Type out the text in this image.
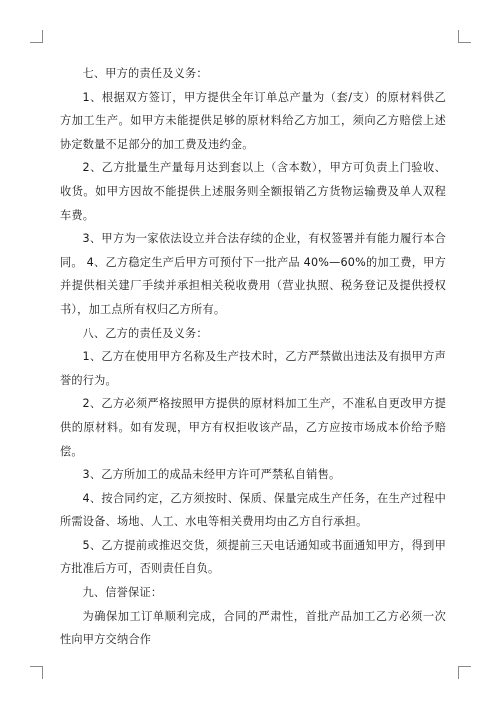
七、甲方的责任及义务：

1、根据双方签订，甲方提供全年订单总产量为（套/支）的原材料供乙方加工生产。如甲方未能提供足够的原材料给乙方加工，须向乙方赔偿上述协定数量不足部分的加工费及违约金。

2、乙方批量生产量每月达到套以上（含本数），甲方可负责上门验收、收货。如甲方因故不能提供上述服务则全额报销乙方货物运输费及单人双程车费。

3、甲方为一家依法设立并合法存续的企业，有权签署并有能力履行本合同。 4、乙方稳定生产后甲方可预付下一批产品 40%—60%的加工费，甲方并提供相关建厂手续并承担相关税收费用（营业执照、税务登记及提供授权书），加工点所有权归乙方所有。

八、乙方的责任及义务：

1、乙方在使用甲方名称及生产技术时，乙方严禁做出违法及有损甲方声誉的行为。

2、乙方必须严格按照甲方提供的原材料加工生产，不准私自更改甲方提供的原材料。如有发现，甲方有权拒收该产品，乙方应按市场成本价给予赔偿。

3、乙方所加工的成品未经甲方许可严禁私自销售。

4、按合同约定，乙方须按时、保质、保量完成生产任务，在生产过程中所需设备、场地、人工、水电等相关费用均由乙方自行承担。

5、乙方提前或推迟交货，须提前三天电话通知或书面通知甲方，得到甲方批准后方可，否则责任自负。

九、信誉保证：

为确保加工订单顺利完成，合同的严肃性，首批产品加工乙方必须一次性向甲方交纳合作
